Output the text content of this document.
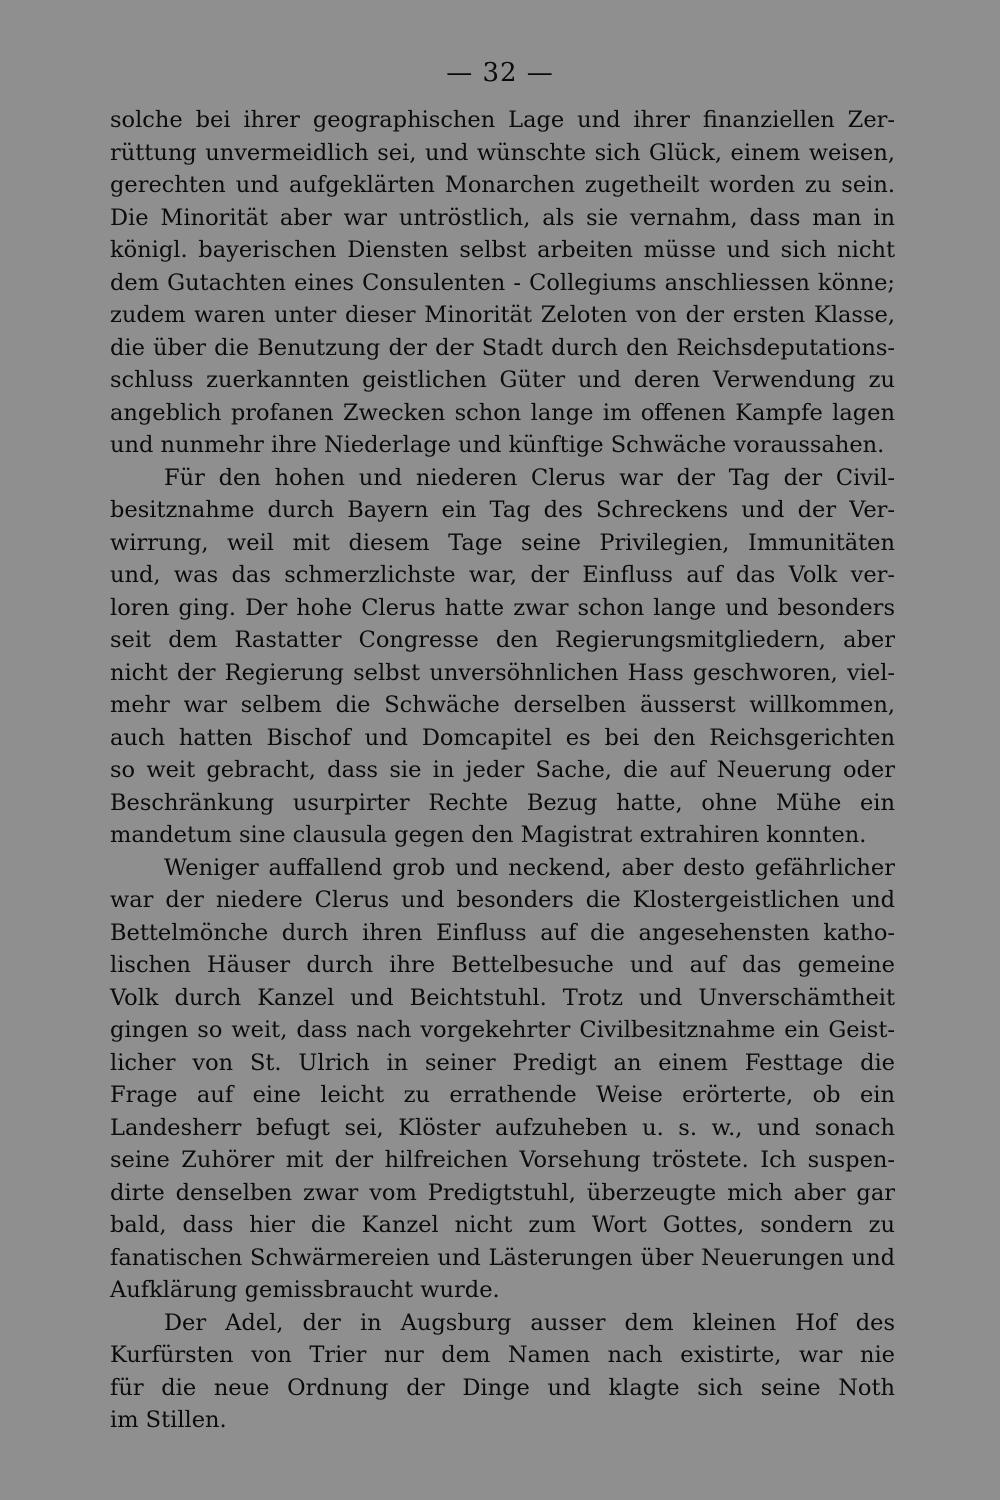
— 32 —
solche bei ihrer geographischen Lage und ihrer finanziellen Zer-
rüttung unvermeidlich sei, und wünschte sich Glück, einem weisen,
gerechten und aufgeklärten Monarchen zugetheilt worden zu sein.
Die Minorität aber war untröstlich, als sie vernahm, dass man in
königl. bayerischen Diensten selbst arbeiten müsse und sich nicht
dem Gutachten eines Consulenten - Collegiums anschliessen könne;
zudem waren unter dieser Minorität Zeloten von der ersten Klasse,
die über die Benutzung der der Stadt durch den Reichsdeputations-
schluss zuerkannten geistlichen Güter und deren Verwendung zu
angeblich profanen Zwecken schon lange im offenen Kampfe lagen
und nunmehr ihre Niederlage und künftige Schwäche voraussahen.
Für den hohen und niederen Clerus war der Tag der Civil-
besitznahme durch Bayern ein Tag des Schreckens und der Ver-
wirrung, weil mit diesem Tage seine Privilegien, Immunitäten
und, was das schmerzlichste war, der Einfluss auf das Volk ver-
loren ging. Der hohe Clerus hatte zwar schon lange und besonders
seit dem Rastatter Congresse den Regierungsmitgliedern, aber
nicht der Regierung selbst unversöhnlichen Hass geschworen, viel-
mehr war selbem die Schwäche derselben äusserst willkommen,
auch hatten Bischof und Domcapitel es bei den Reichsgerichten
so weit gebracht, dass sie in jeder Sache, die auf Neuerung oder
Beschränkung usurpirter Rechte Bezug hatte, ohne Mühe ein
mandetum sine clausula gegen den Magistrat extrahiren konnten.
Weniger auffallend grob und neckend, aber desto gefährlicher
war der niedere Clerus und besonders die Klostergeistlichen und
Bettelmönche durch ihren Einfluss auf die angesehensten katho-
lischen Häuser durch ihre Bettelbesuche und auf das gemeine
Volk durch Kanzel und Beichtstuhl. Trotz und Unverschämtheit
gingen so weit, dass nach vorgekehrter Civilbesitznahme ein Geist-
licher von St. Ulrich in seiner Predigt an einem Festtage die
Frage auf eine leicht zu errathende Weise erörterte, ob ein
Landesherr befugt sei, Klöster aufzuheben u. s. w., und sonach
seine Zuhörer mit der hilfreichen Vorsehung tröstete. Ich suspen-
dirte denselben zwar vom Predigtstuhl, überzeugte mich aber gar
bald, dass hier die Kanzel nicht zum Wort Gottes, sondern zu
fanatischen Schwärmereien und Lästerungen über Neuerungen und
Aufklärung gemissbraucht wurde.
Der Adel, der in Augsburg ausser dem kleinen Hof des
Kurfürsten von Trier nur dem Namen nach existirte, war nie
für die neue Ordnung der Dinge und klagte sich seine Noth
im Stillen.
